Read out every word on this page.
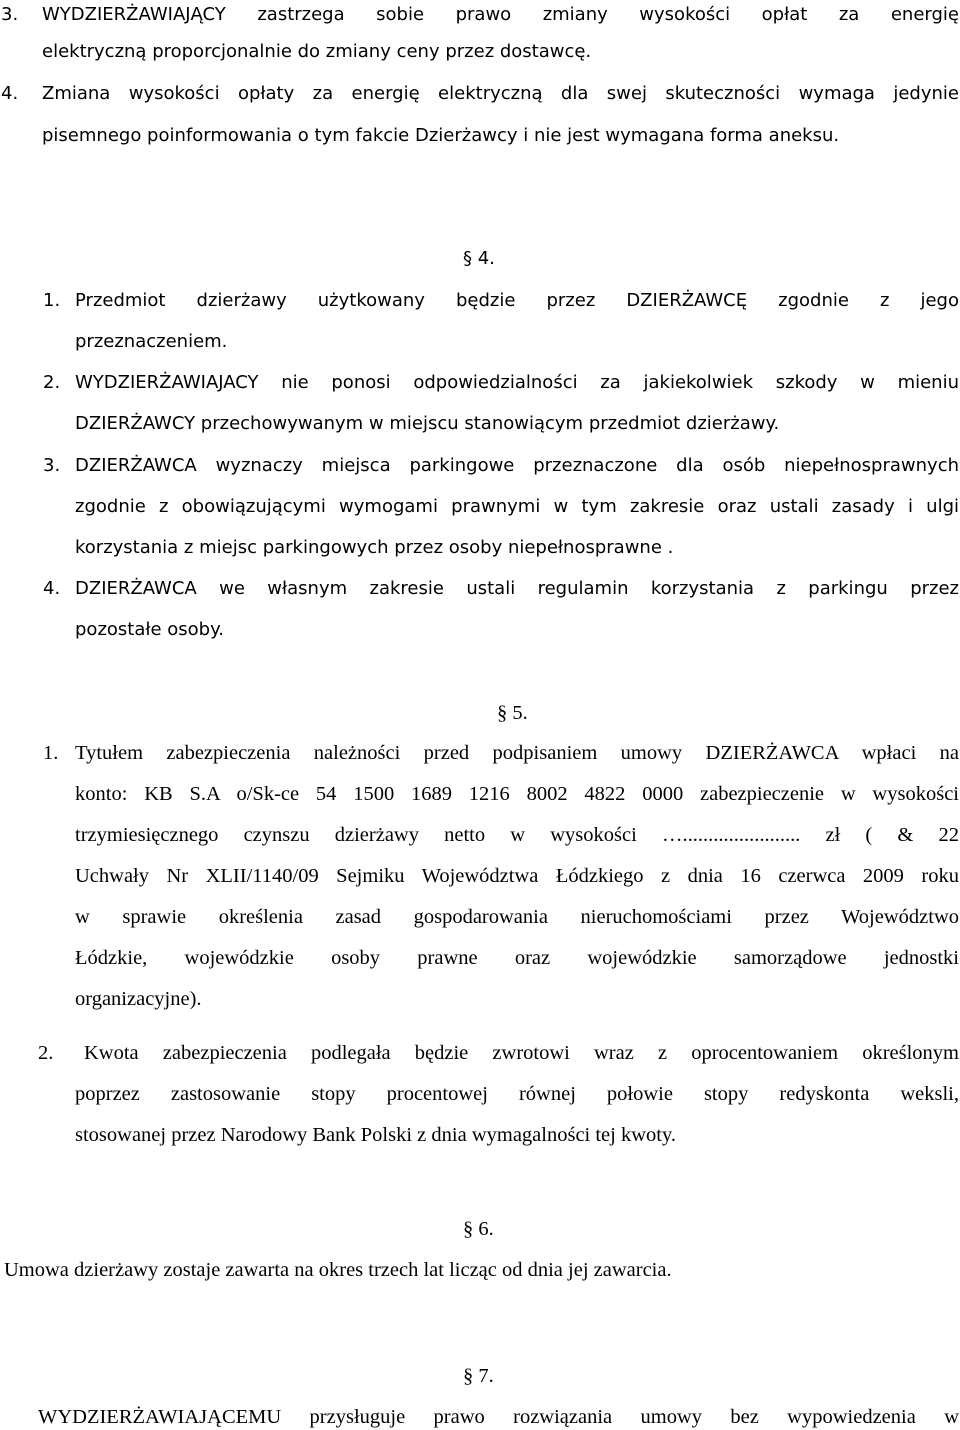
3. WYDZIERŻAWIAJĄCY zastrzega sobie prawo zmiany wysokości opłat za energię
elektryczną proporcjonalnie do zmiany ceny przez dostawcę.
4. Zmiana wysokości opłaty za energię elektryczną dla swej skuteczności wymaga jedynie
pisemnego poinformowania o tym fakcie Dzierżawcy i nie jest wymagana forma aneksu.
§ 4.
1. Przedmiot dzierżawy użytkowany będzie przez DZIERŻAWCĘ zgodnie z jego
przeznaczeniem.
2. WYDZIERŻAWIAJACY nie ponosi odpowiedzialności za jakiekolwiek szkody w mieniu
DZIERŻAWCY przechowywanym w miejscu stanowiącym przedmiot dzierżawy.
3. DZIERŻAWCA wyznaczy miejsca parkingowe przeznaczone dla osób niepełnosprawnych
zgodnie z obowiązującymi wymogami prawnymi w tym zakresie oraz ustali zasady i ulgi
korzystania z miejsc parkingowych przez osoby niepełnosprawne .
4. DZIERŻAWCA we własnym zakresie ustali regulamin korzystania z parkingu przez
pozostałe osoby.
§ 5.
1. Tytułem zabezpieczenia należności przed podpisaniem umowy DZIERŻAWCA wpłaci na
konto: KB S.A o/Sk-ce 54 1500 1689 1216 8002 4822 0000 zabezpieczenie w wysokości
trzymiesięcznego czynszu dzierżawy netto w wysokości …....................... zł ( & 22
Uchwały Nr XLII/1140/09 Sejmiku Województwa Łódzkiego z dnia 16 czerwca 2009 roku
w sprawie określenia zasad gospodarowania nieruchomościami przez Województwo
Łódzkie, wojewódzkie osoby prawne oraz wojewódzkie samorządowe jednostki
organizacyjne).
2. Kwota zabezpieczenia podlegała będzie zwrotowi wraz z oprocentowaniem określonym
poprzez zastosowanie stopy procentowej równej połowie stopy redyskonta weksli,
stosowanej przez Narodowy Bank Polski z dnia wymagalności tej kwoty.
§ 6.
Umowa dzierżawy zostaje zawarta na okres trzech lat licząc od dnia jej zawarcia.
§ 7.
WYDZIERŻAWIAJĄCEMU przysługuje prawo rozwiązania umowy bez wypowiedzenia w
